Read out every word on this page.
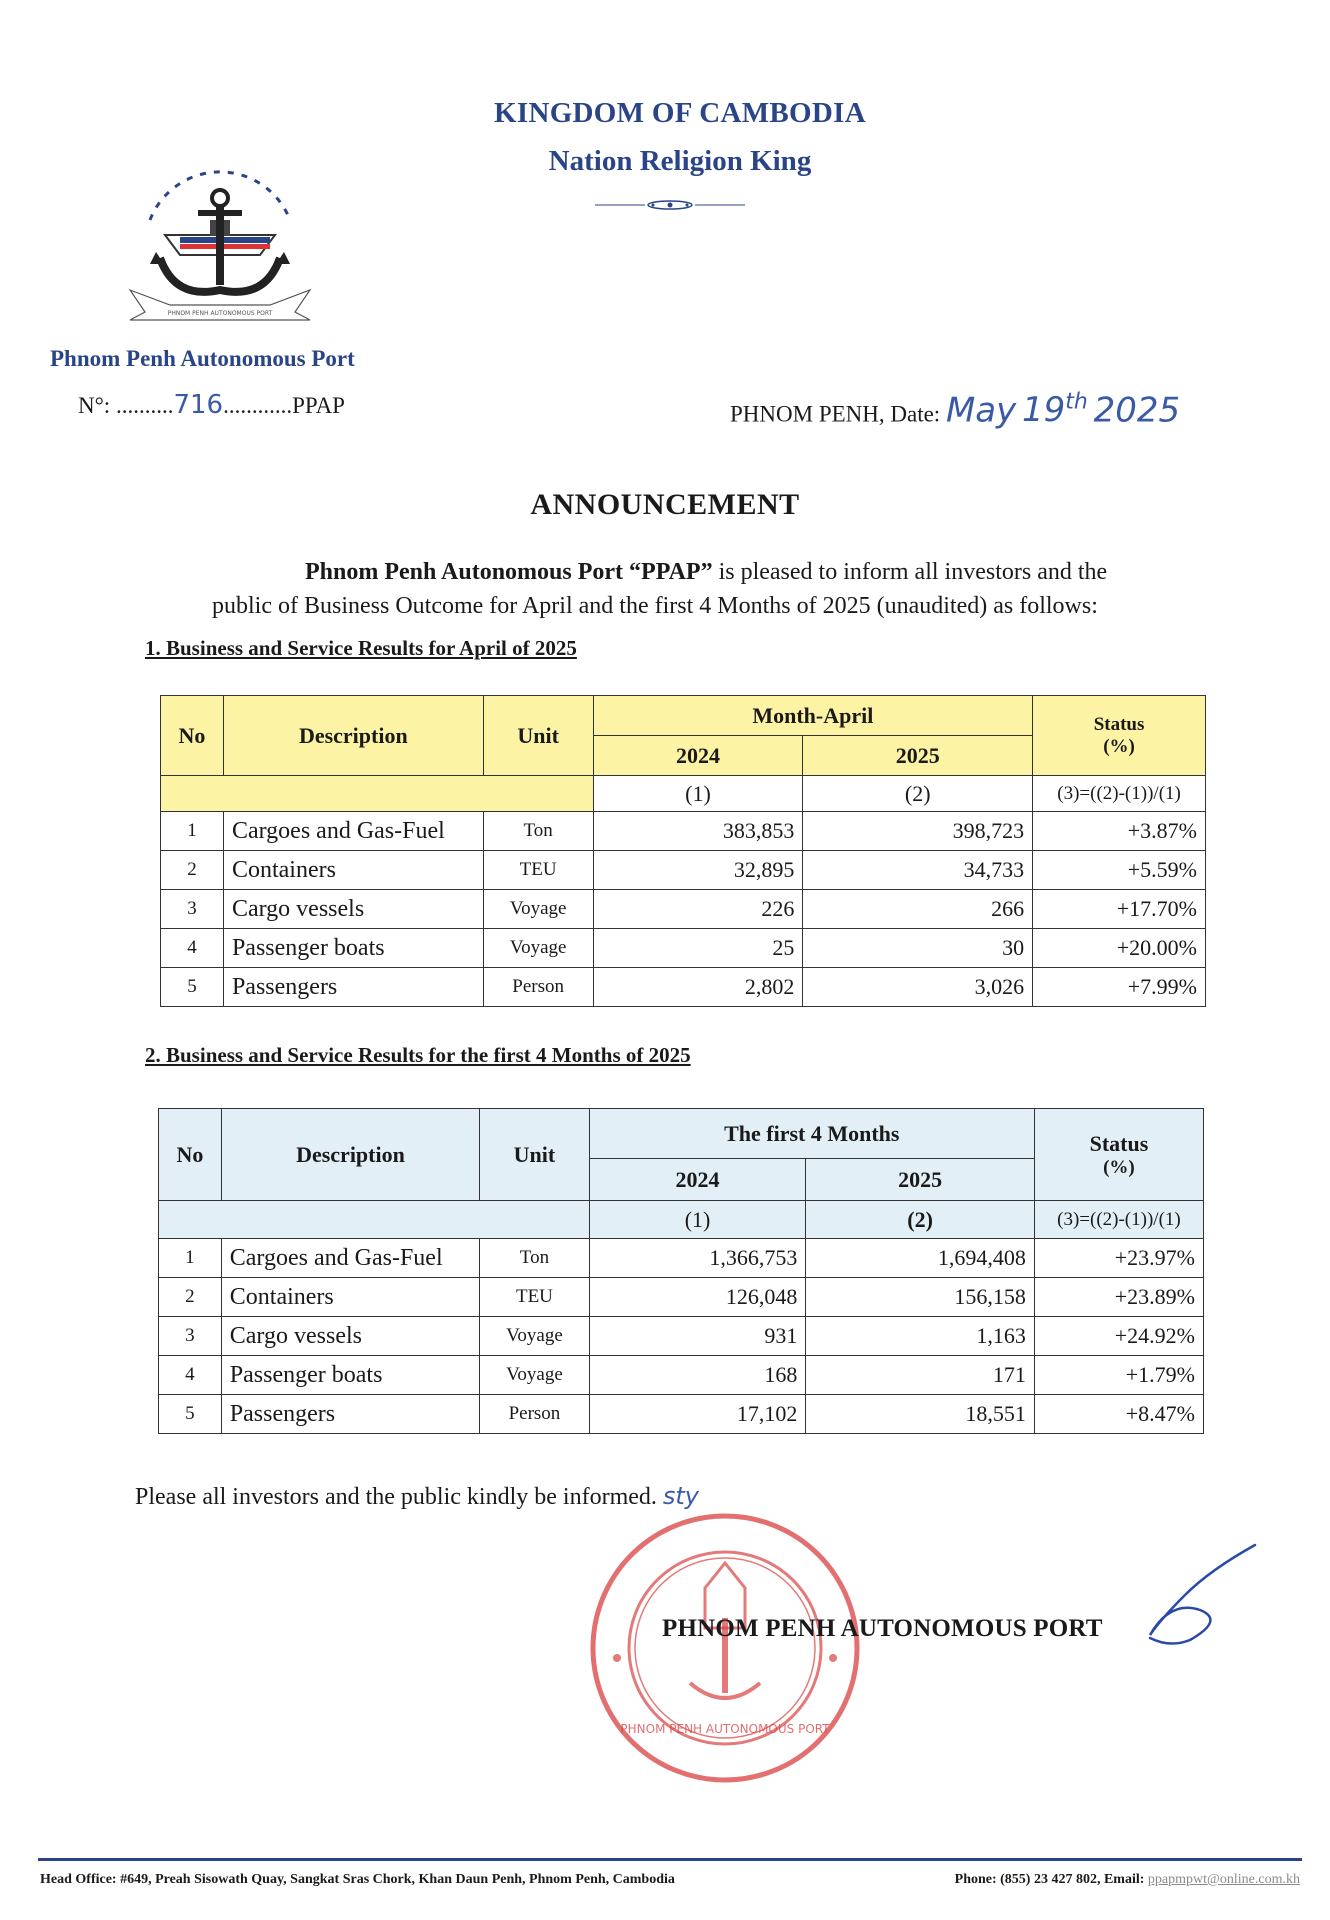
KINGDOM OF CAMBODIA
Nation Religion King
PHNOM PENH AUTONOMOUS PORT
Phnom Penh Autonomous Port
N°: ..........716............PPAP	PHNOM PENH, Date: May 19th 2025
ANNOUNCEMENT
Phnom Penh Autonomous Port “PPAP” is pleased to inform all investors and the
public of Business Outcome for April and the first 4 Months of 2025 (unaudited) as follows:
1. Business and Service Results for April of 2025
No	Description	Unit	Month-April		Status
(%)

			2024	2025	
			(1)	(2)	(3)=((2)-(1))/(1)
1	Cargoes and Gas-Fuel	Ton	383,853	398,723	+3.87%
2	Containers	TEU	32,895	34,733	+5.59%
3	Cargo vessels	Voyage	226	266	+17.70%
4	Passenger boats	Voyage	25	30	+20.00%
5	Passengers	Person	2,802	3,026	+7.99%
2. Business and Service Results for the first 4 Months of 2025
No	Description	Unit	The first 4 Months		Status
(%)

			2024	2025	
			(1)	(2)	(3)=((2)-(1))/(1)
1	Cargoes and Gas-Fuel	Ton	1,366,753	1,694,408	+23.97%
2	Containers	TEU	126,048	156,158	+23.89%
3	Cargo vessels	Voyage	931	1,163	+24.92%
4	Passenger boats	Voyage	168	171	+1.79%
5	Passengers	Person	17,102	18,551	+8.47%
Please all investors and the public kindly be informed. sty
PHNOM PENH AUTONOMOUS PORT
PHNOM PENH AUTONOMOUS PORT
Head Office: #649, Preah Sisowath Quay, Sangkat Sras Chork, Khan Daun Penh, Phnom Penh, Cambodia	Phone: (855) 23 427 802, Email: ppapmpwt@online.com.kh
